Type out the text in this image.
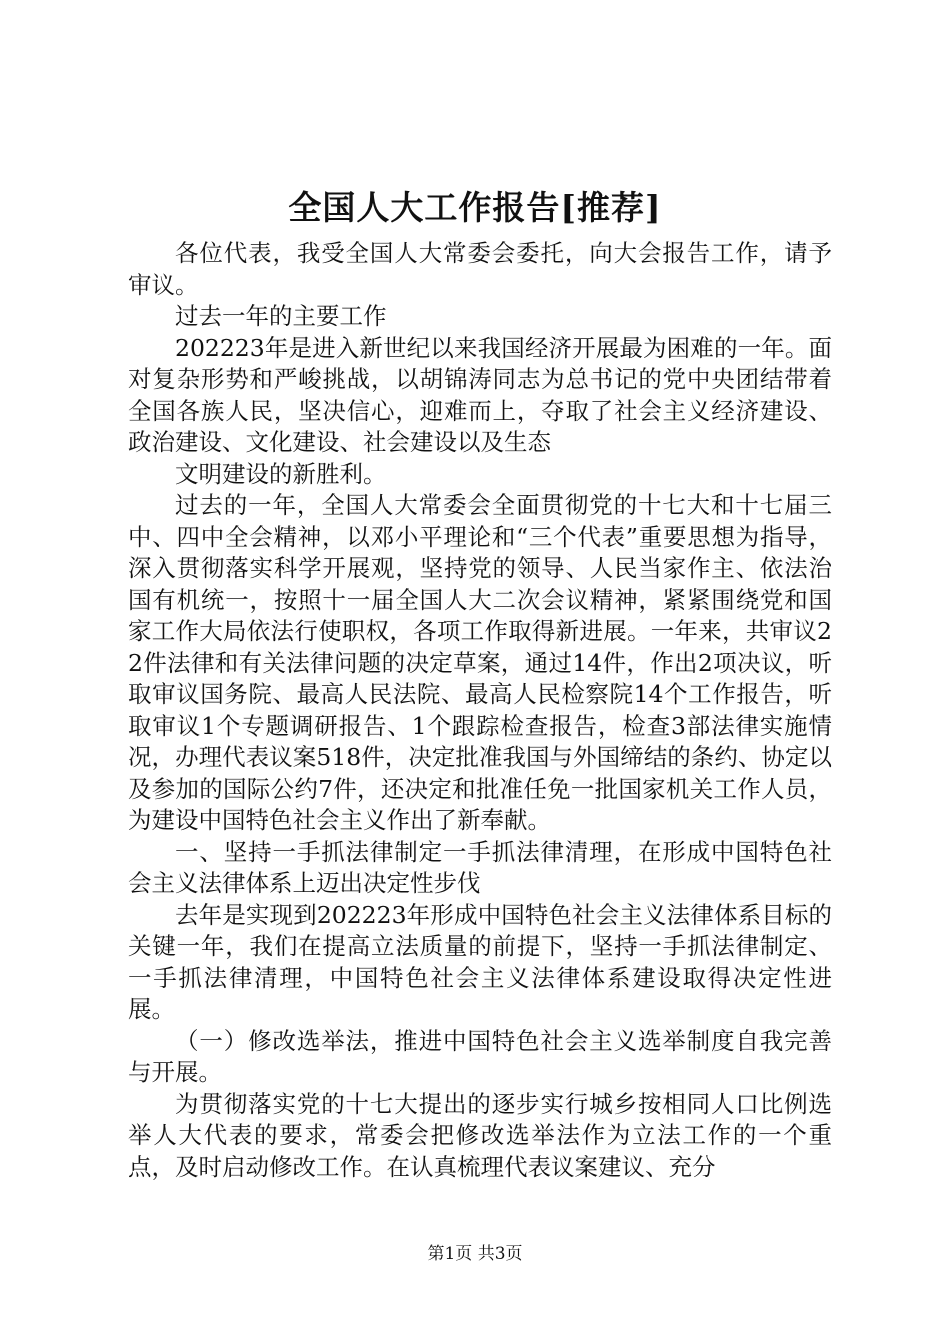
全国人大工作报告[推荐]

各位代表，我受全国人大常委会委托，向大会报告工作，请予审议。

过去一年的主要工作

202223年是进入新世纪以来我国经济开展最为困难的一年。面对复杂形势和严峻挑战，以胡锦涛同志为总书记的党中央团结带着全国各族人民，坚决信心，迎难而上，夺取了社会主义经济建设、政治建设、文化建设、社会建设以及生态

文明建设的新胜利。

过去的一年，全国人大常委会全面贯彻党的十七大和十七届三中、四中全会精神，以邓小平理论和“三个代表”重要思想为指导，深入贯彻落实科学开展观，坚持党的领导、人民当家作主、依法治国有机统一，按照十一届全国人大二次会议精神，紧紧围绕党和国家工作大局依法行使职权，各项工作取得新进展。一年来，共审议22件法律和有关法律问题的决定草案，通过14件，作出2项决议，听取审议国务院、最高人民法院、最高人民检察院14个工作报告，听取审议1个专题调研报告、1个跟踪检查报告，检查3部法律实施情况，办理代表议案518件，决定批准我国与外国缔结的条约、协定以及参加的国际公约7件，还决定和批准任免一批国家机关工作人员，为建设中国特色社会主义作出了新奉献。

一、坚持一手抓法律制定一手抓法律清理，在形成中国特色社会主义法律体系上迈出决定性步伐

去年是实现到202223年形成中国特色社会主义法律体系目标的关键一年，我们在提高立法质量的前提下，坚持一手抓法律制定、一手抓法律清理，中国特色社会主义法律体系建设取得决定性进展。

（一）修改选举法，推进中国特色社会主义选举制度自我完善与开展。

为贯彻落实党的十七大提出的逐步实行城乡按相同人口比例选举人大代表的要求，常委会把修改选举法作为立法工作的一个重点，及时启动修改工作。在认真梳理代表议案建议、充分

第1页 共3页
